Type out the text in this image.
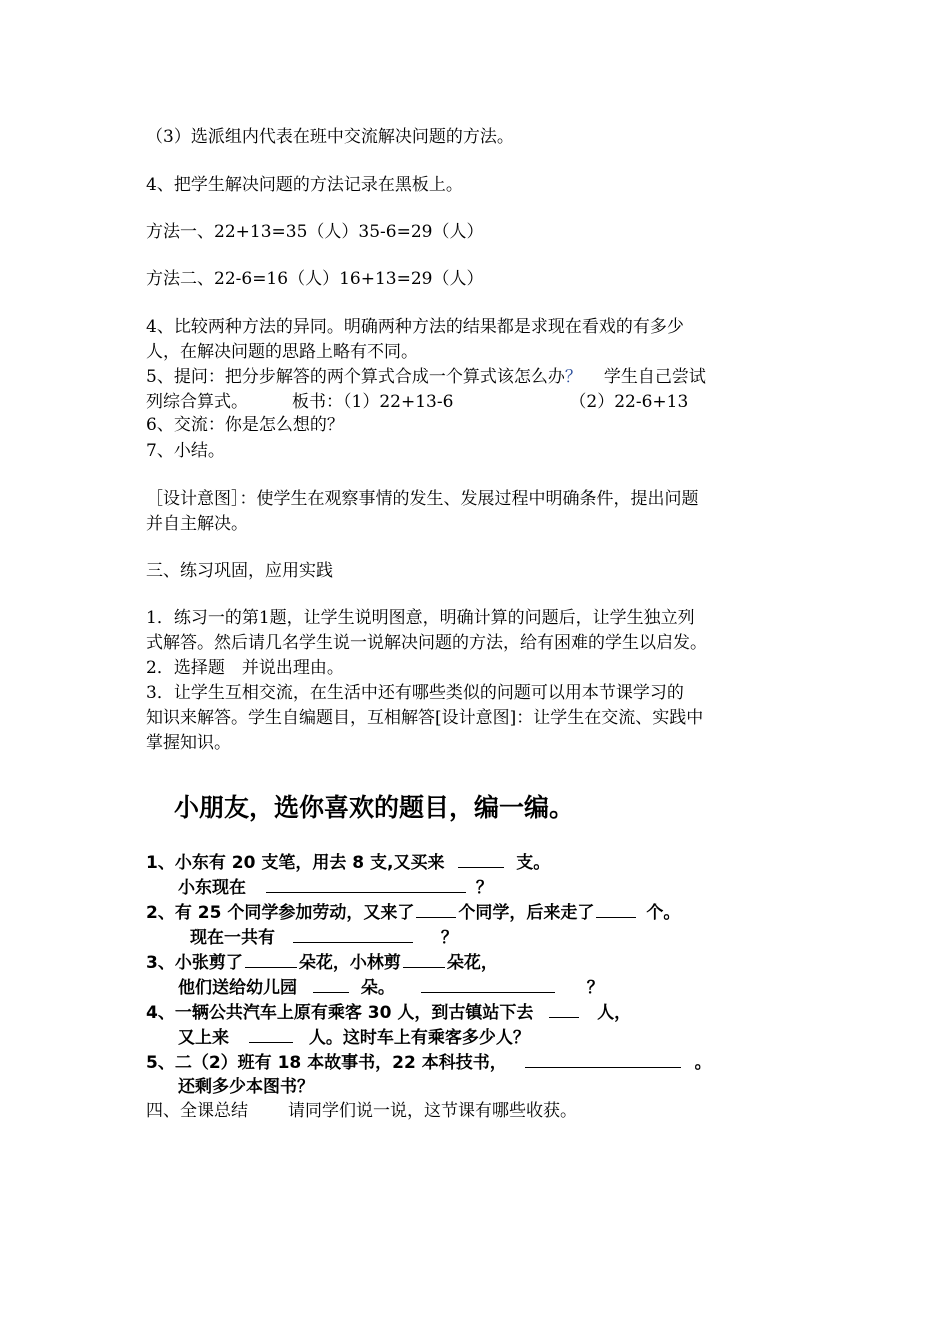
（3）选派组内代表在班中交流解决问题的方法。
4、把学生解决问题的方法记录在黑板上。
方法一、22+13=35（人）35-6=29（人）
方法二、22-6=16（人）16+13=29（人）
4、比较两种方法的异同。明确两种方法的结果都是求现在看戏的有多少
人，在解决问题的思路上略有不同。
5、提问：把分步解答的两个算式合成一个算式该怎么办？ 学生自己尝试
列综合算式。	板书：（1）22+13-6	（2）22-6+13
6、交流：你是怎么想的？
7、小结。
［设计意图］：使学生在观察事情的发生、发展过程中明确条件，提出问题
并自主解决。
三、练习巩固，应用实践
1．练习一的第1题，让学生说明图意，明确计算的问题后，让学生独立列
式解答。然后请几名学生说一说解决问题的方法，给有困难的学生以启发。
2．选择题　并说出理由。
3．让学生互相交流，在生活中还有哪些类似的问题可以用本节课学习的
知识来解答。学生自编题目，互相解答[设计意图]：让学生在交流、实践中
掌握知识。
小朋友，选你喜欢的题目，编一编。
1、小东有 20 支笔，用去 8 支,又买来	支。
小东现在	？
2、有 25 个同学参加劳动，又来了	个同学，后来走了	个。
现在一共有	？
3、小张剪了	朵花，小林剪	朵花，
他们送给幼儿园	朵。	？
4、一辆公共汽车上原有乘客 30 人，到古镇站下去	人，
又上来	人。这时车上有乘客多少人？
5、二（2）班有 18 本故事书，22 本科技书，	。
还剩多少本图书？
四、全课总结 请同学们说一说，这节课有哪些收获。
